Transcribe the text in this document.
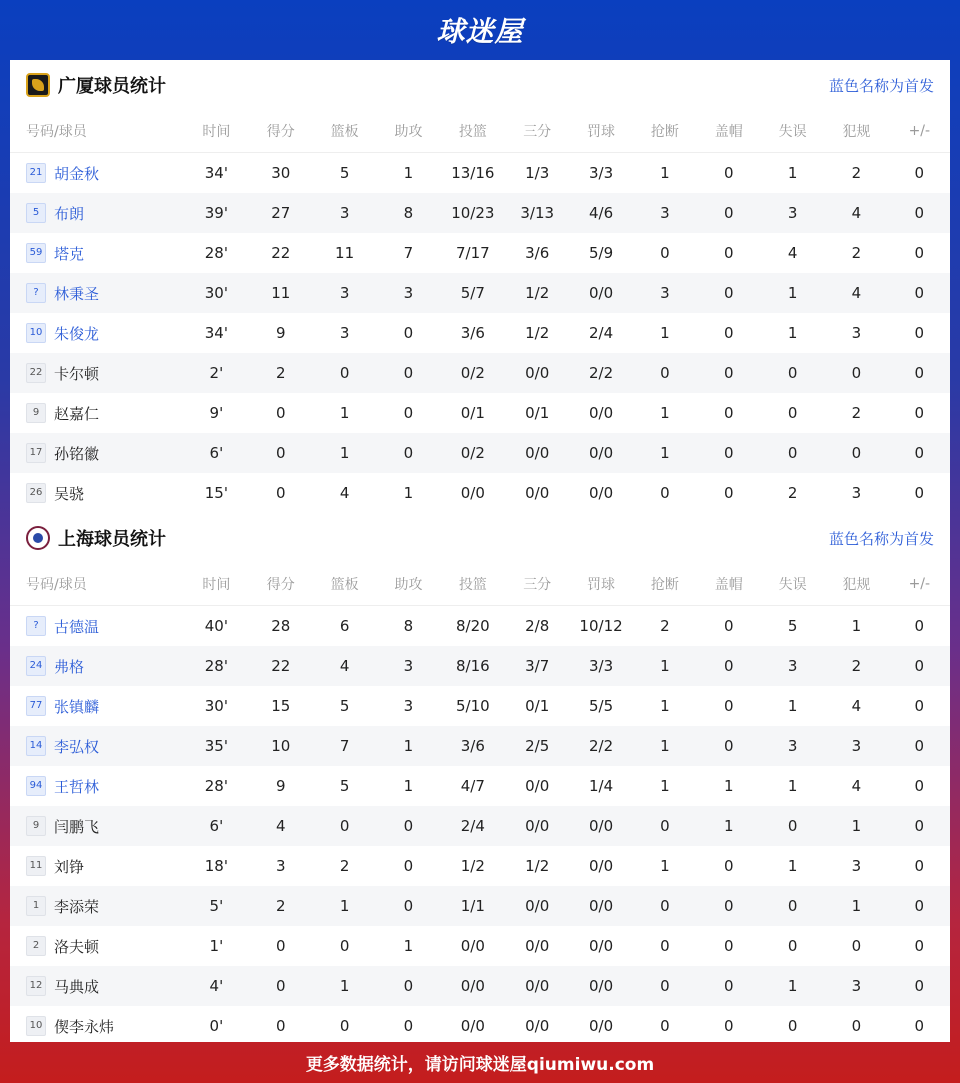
球迷屋
广厦球员统计	蓝色名称为首发
号码/球员	时间	得分	篮板	助攻	投篮	三分	罚球	抢断	盖帽	失误	犯规	+/-
21 胡金秋	34'	30	5	1	13/16	1/3	3/3	1	0	1	2	0
5 布朗	39'	27	3	8	10/23	3/13	4/6	3	0	3	4	0
59 塔克	28'	22	11	7	7/17	3/6	5/9	0	0	4	2	0
? 林秉圣	30'	11	3	3	5/7	1/2	0/0	3	0	1	4	0
10 朱俊龙	34'	9	3	0	3/6	1/2	2/4	1	0	1	3	0
22 卡尔顿	2'	2	0	0	0/2	0/0	2/2	0	0	0	0	0
9 赵嘉仁	9'	0	1	0	0/1	0/1	0/0	1	0	0	2	0
17 孙铭徽	6'	0	1	0	0/2	0/0	0/0	1	0	0	0	0
26 吴骁	15'	0	4	1	0/0	0/0	0/0	0	0	2	3	0
上海球员统计	蓝色名称为首发
号码/球员	时间	得分	篮板	助攻	投篮	三分	罚球	抢断	盖帽	失误	犯规	+/-
? 古德温	40'	28	6	8	8/20	2/8	10/12	2	0	5	1	0
24 弗格	28'	22	4	3	8/16	3/7	3/3	1	0	3	2	0
77 张镇麟	30'	15	5	3	5/10	0/1	5/5	1	0	1	4	0
14 李弘权	35'	10	7	1	3/6	2/5	2/2	1	0	3	3	0
94 王哲林	28'	9	5	1	4/7	0/0	1/4	1	1	1	4	0
9 闫鹏飞	6'	4	0	0	2/4	0/0	0/0	0	1	0	1	0
11 刘铮	18'	3	2	0	1/2	1/2	0/0	1	0	1	3	0
1 李添荣	5'	2	1	0	1/1	0/0	0/0	0	0	0	1	0
2 洛夫顿	1'	0	0	1	0/0	0/0	0/0	0	0	0	0	0
12 马典成	4'	0	1	0	0/0	0/0	0/0	0	0	1	3	0
10 偰李永炜	0'	0	0	0	0/0	0/0	0/0	0	0	0	0	0
更多数据统计，请访问球迷屋qiumiwu.com
